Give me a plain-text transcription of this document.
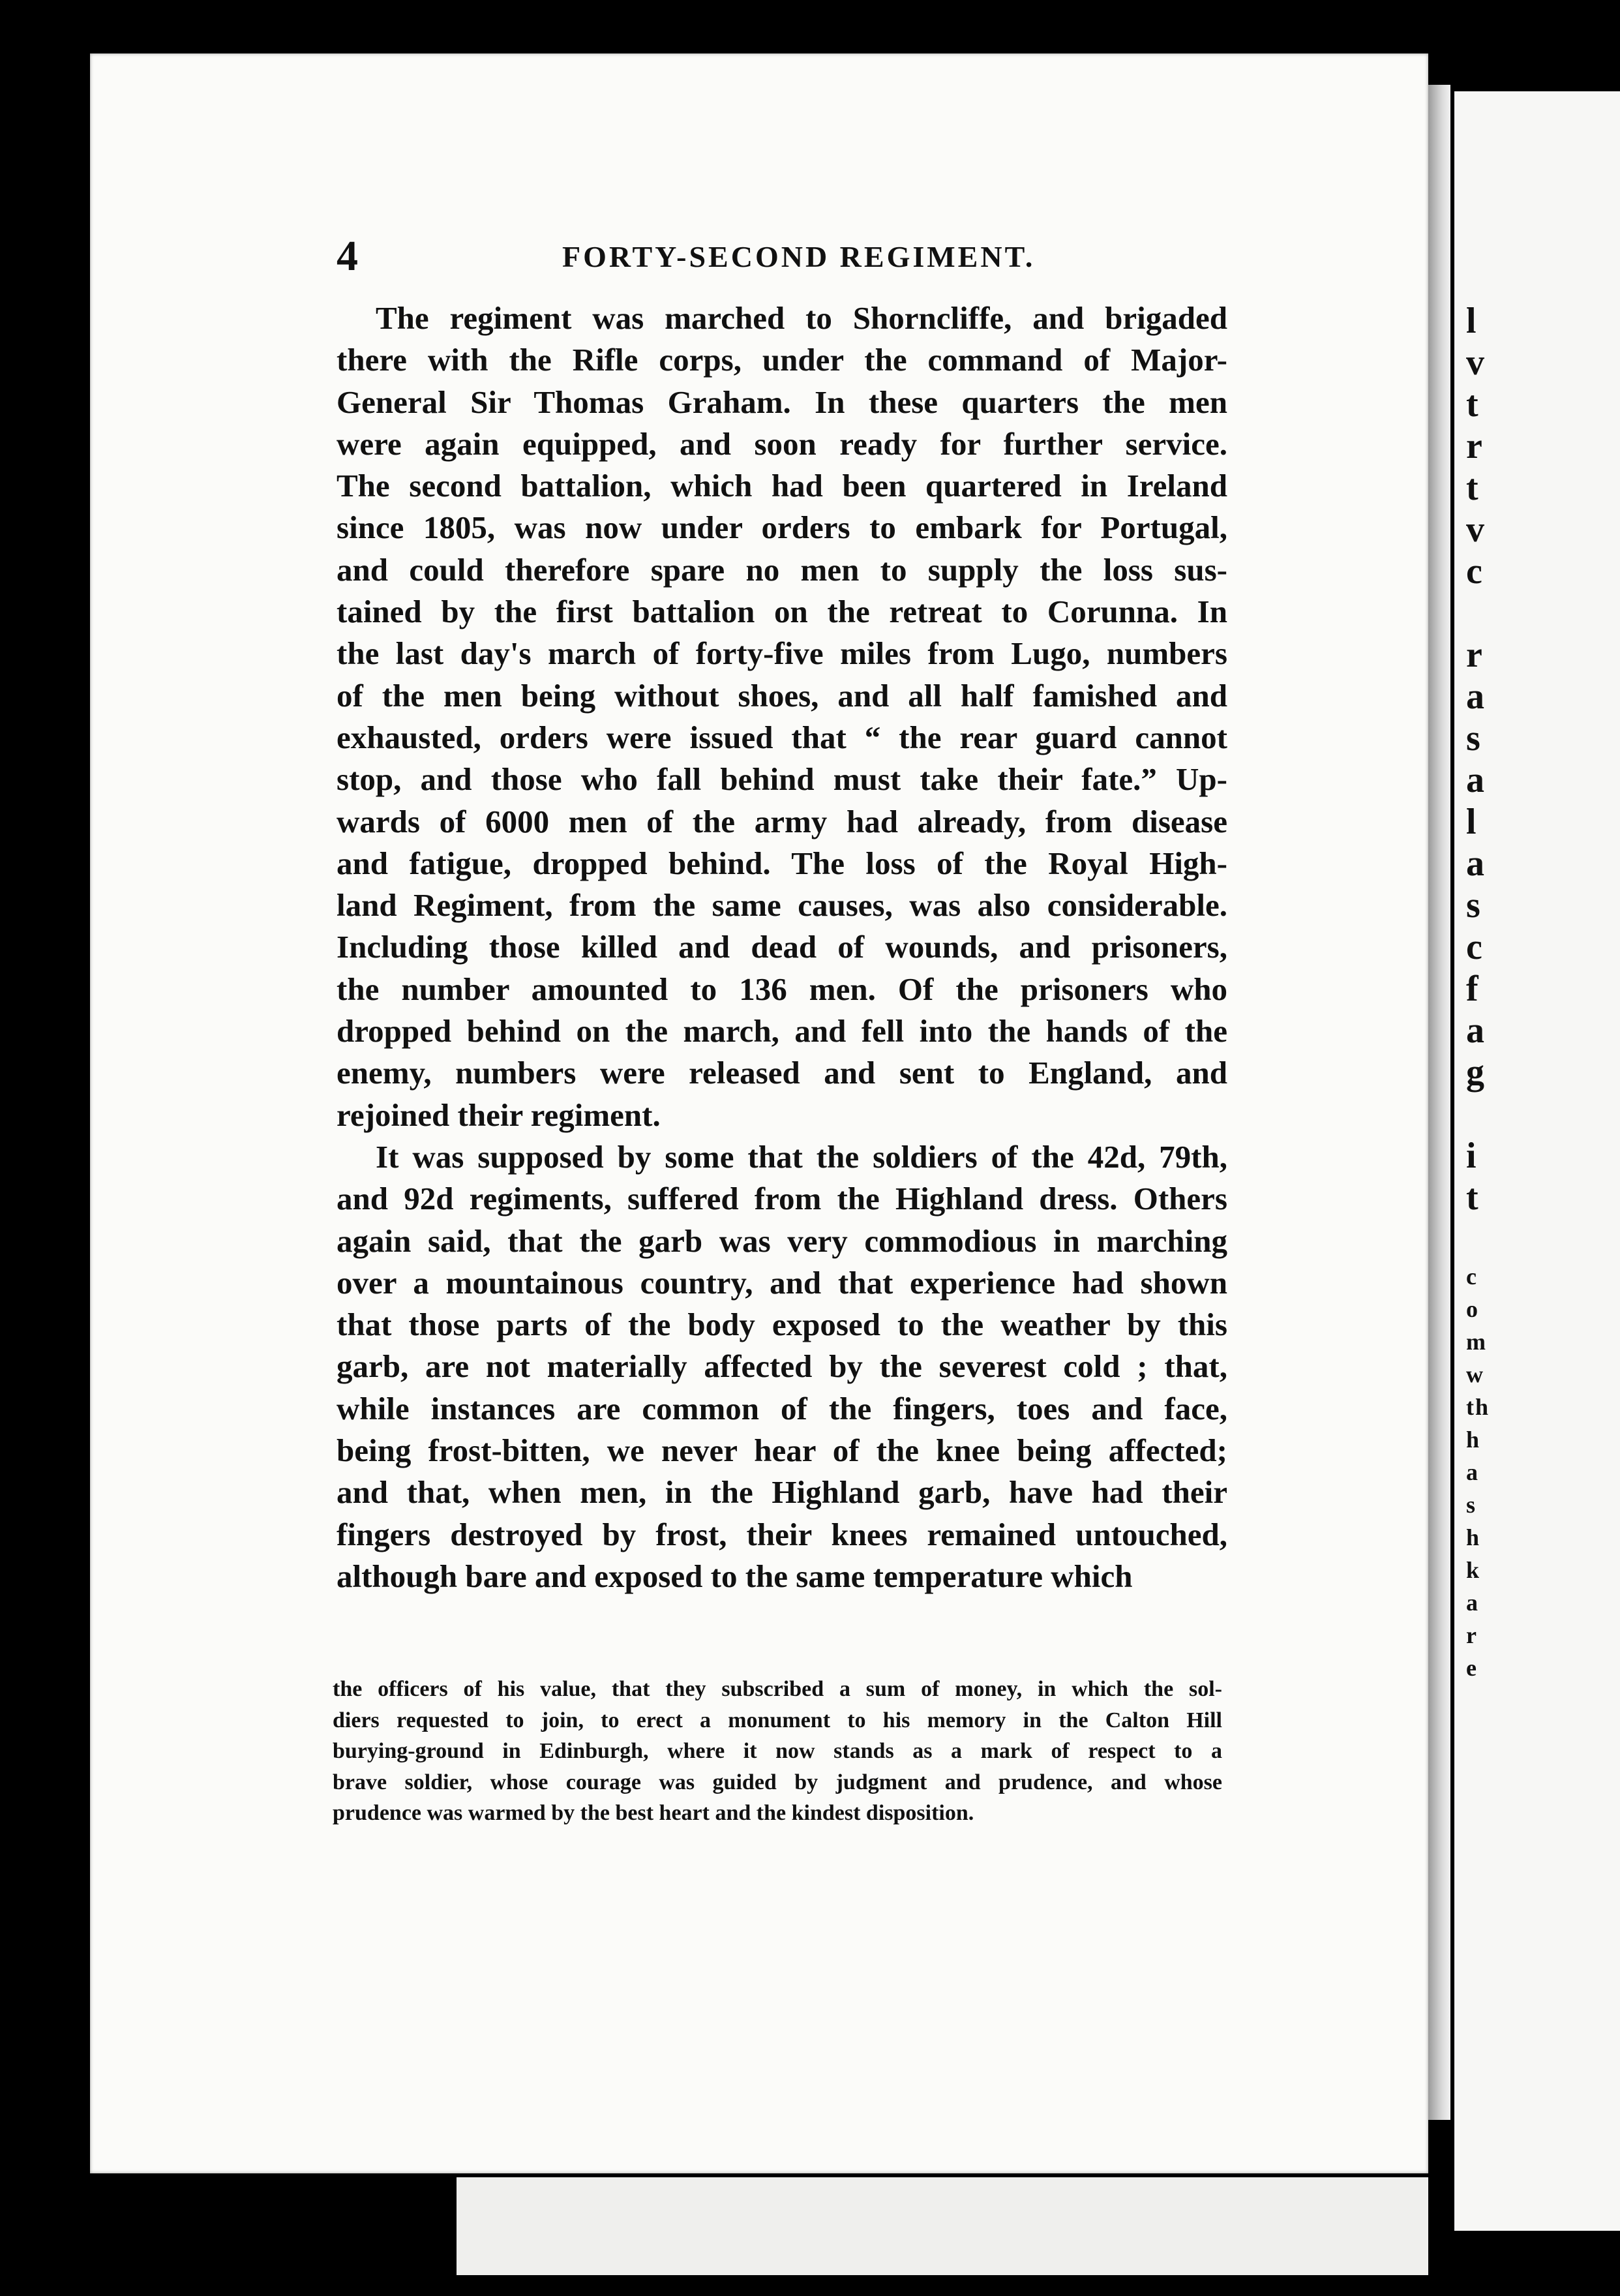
l
v
t
r
t
v
c
r
a
s
a
l
a
s
c
f
a
g
i
t
c
o
m
w
th
h
a
s
h
k
a
r
e
4	FORTY-SECOND REGIMENT.
The regiment was marched to Shorncliffe, and brigaded
there with the Rifle corps, under the command of Major-
General Sir Thomas Graham. In these quarters the men
were again equipped, and soon ready for further service.
The second battalion, which had been quartered in Ireland
since 1805, was now under orders to embark for Portugal,
and could therefore spare no men to supply the loss sus-
tained by the first battalion on the retreat to Corunna. In
the last day's march of forty-five miles from Lugo, numbers
of the men being without shoes, and all half famished and
exhausted, orders were issued that “ the rear guard cannot
stop, and those who fall behind must take their fate.” Up-
wards of 6000 men of the army had already, from disease
and fatigue, dropped behind. The loss of the Royal High-
land Regiment, from the same causes, was also considerable.
Including those killed and dead of wounds, and prisoners,
the number amounted to 136 men. Of the prisoners who
dropped behind on the march, and fell into the hands of the
enemy, numbers were released and sent to England, and
rejoined their regiment.
It was supposed by some that the soldiers of the 42d, 79th,
and 92d regiments, suffered from the Highland dress. Others
again said, that the garb was very commodious in marching
over a mountainous country, and that experience had shown
that those parts of the body exposed to the weather by this
garb, are not materially affected by the severest cold ; that,
while instances are common of the fingers, toes and face,
being frost-bitten, we never hear of the knee being affected;
and that, when men, in the Highland garb, have had their
fingers destroyed by frost, their knees remained untouched,
although bare and exposed to the same temperature which
the officers of his value, that they subscribed a sum of money, in which the sol-
diers requested to join, to erect a monument to his memory in the Calton Hill
burying-ground in Edinburgh, where it now stands as a mark of respect to a
brave soldier, whose courage was guided by judgment and prudence, and whose
prudence was warmed by the best heart and the kindest disposition.
